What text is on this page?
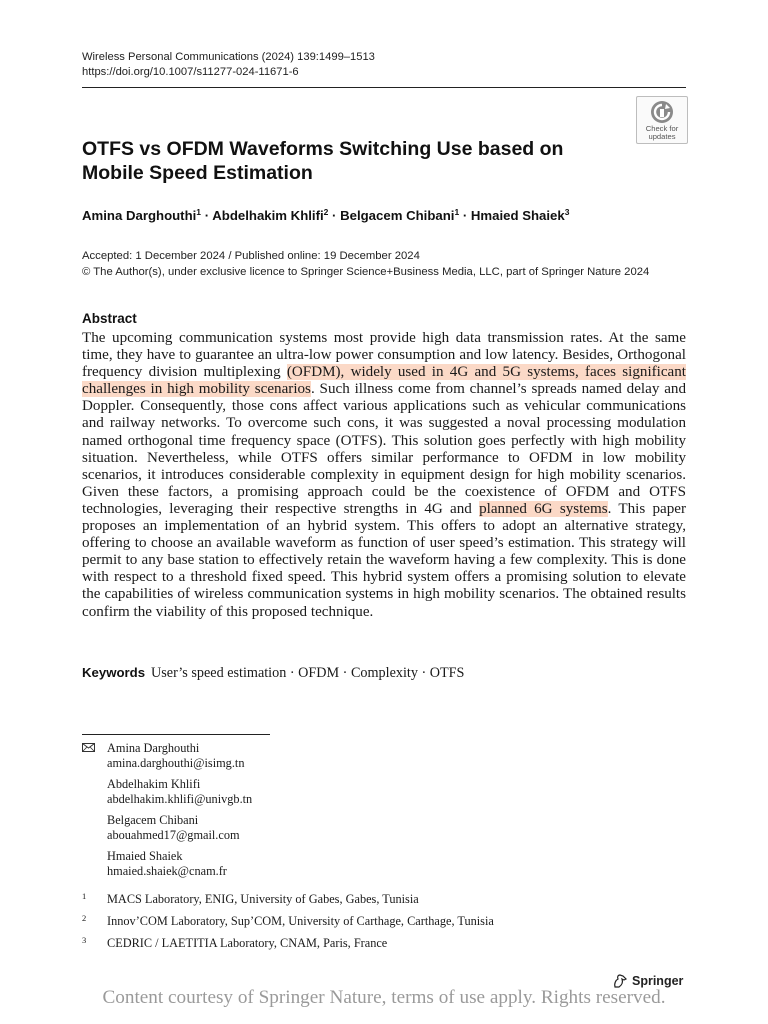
Wireless Personal Communications (2024) 139:1499–1513
https://doi.org/10.1007/s11277-024-11671-6
Check for
updates
OTFS vs OFDM Waveforms Switching Use based on Mobile Speed Estimation
Amina Darghouthi$^1$ · Abdelhakim Khlifi$^2$ · Belgacem Chibani$^1$ · Hmaied Shaiek$^3$
Accepted: 1 December 2024 / Published online: 19 December 2024
© The Author(s), under exclusive licence to Springer Science+Business Media, LLC, part of Springer Nature 2024
Abstract

The upcoming communication systems most provide high data transmission rates. At the same time, they have to guarantee an ultra-low power consumption and low latency. Besides, Orthogonal frequency division multiplexing (OFDM), widely used in 4G and 5G systems, faces significant challenges in high mobility scenarios. Such illness come from channel’s spreads named delay and Doppler. Consequently, those cons affect various applications such as vehicular communications and railway networks. To overcome such cons, it was suggested a noval processing modulation named orthogonal time frequency space (OTFS). This solution goes perfectly with high mobility situation. Nevertheless, while OTFS offers similar performance to OFDM in low mobility scenarios, it introduces considerable complexity in equipment design for high mobility scenarios. Given these factors, a promising approach could be the coexistence of OFDM and OTFS technologies, leveraging their respective strengths in 4G and planned 6G systems. This paper proposes an implementation of an hybrid system. This offers to adopt an alternative strategy, offering to choose an available waveform as function of user speed’s estimation. This strategy will permit to any base station to effectively retain the waveform having a few complexity. This is done with respect to a threshold fixed speed. This hybrid system offers a promising solution to elevate the capabilities of wireless communication systems in high mobility scenarios. The obtained results confirm the viability of this proposed technique.

Keywords User’s speed estimation · OFDM · Complexity · OTFS
Amina Darghouthi
amina.darghouthi@isimg.tn
Abdelhakim Khlifi
abdelhakim.khlifi@univgb.tn
Belgacem Chibani
abouahmed17@gmail.com
Hmaied Shaiek
hmaied.shaiek@cnam.fr
1 MACS Laboratory, ENIG, University of Gabes, Gabes, Tunisia
2 Innov’COM Laboratory, Sup’COM, University of Carthage, Carthage, Tunisia
3 CEDRIC / LAETITIA Laboratory, CNAM, Paris, France
Springer
Content courtesy of Springer Nature, terms of use apply. Rights reserved.
